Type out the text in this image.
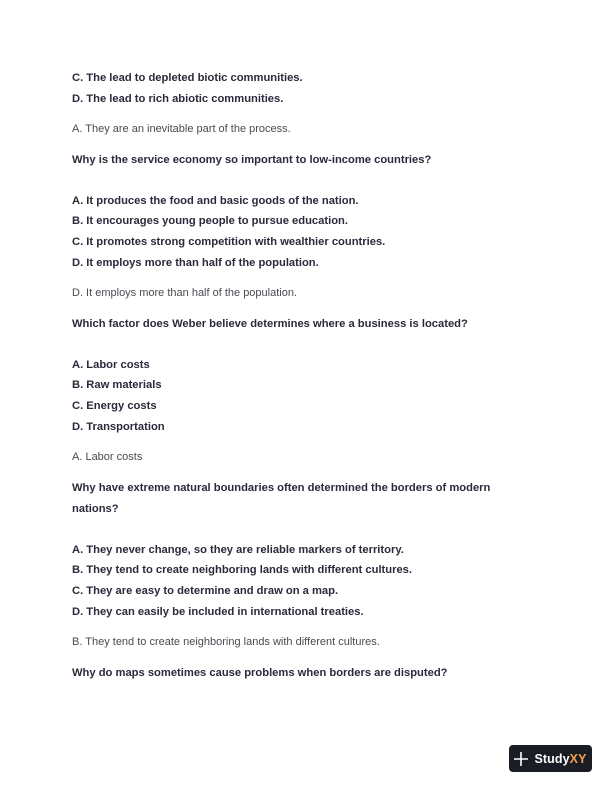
C. The lead to depleted biotic communities.
D. The lead to rich abiotic communities.
A. They are an inevitable part of the process.
Why is the service economy so important to low-income countries?
A. It produces the food and basic goods of the nation.
B. It encourages young people to pursue education.
C. It promotes strong competition with wealthier countries.
D. It employs more than half of the population.
D. It employs more than half of the population.
Which factor does Weber believe determines where a business is located?
A. Labor costs
B. Raw materials
C. Energy costs
D. Transportation
A. Labor costs
Why have extreme natural boundaries often determined the borders of modern nations?
A. They never change, so they are reliable markers of territory.
B. They tend to create neighboring lands with different cultures.
C. They are easy to determine and draw on a map.
D. They can easily be included in international treaties.
B. They tend to create neighboring lands with different cultures.
Why do maps sometimes cause problems when borders are disputed?
StudyXY
